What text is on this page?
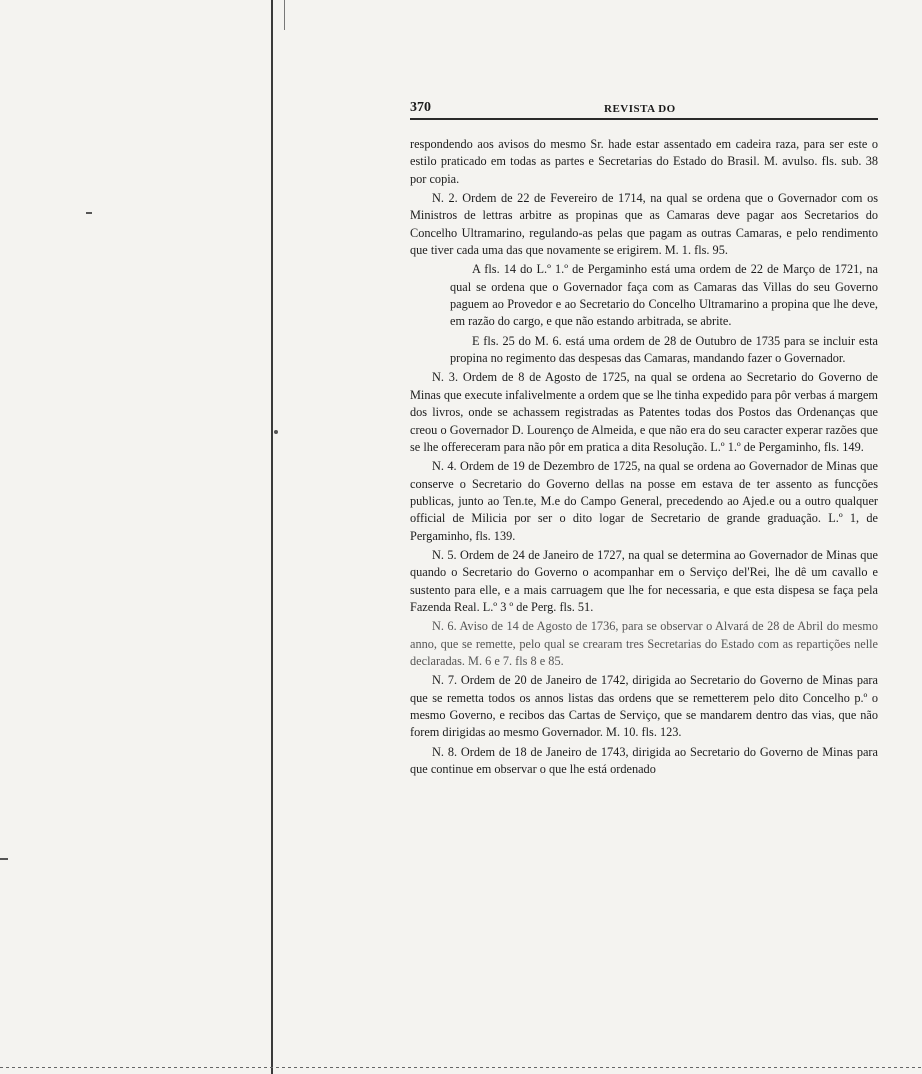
370	REVISTA DO

respondendo aos avisos do mesmo Sr. hade estar assentado em cadeira raza, para ser este o estilo praticado em todas as partes e Secretarias do Estado do Brasil. M. avulso. fls. sub. 38 por copia.

N. 2. Ordem de 22 de Fevereiro de 1714, na qual se ordena que o Governador com os Ministros de lettras arbitre as propinas que as Camaras deve pagar aos Secretarios do Concelho Ultramarino, regulando-as pelas que pagam as outras Camaras, e pelo rendimento que tiver cada uma das que novamente se erigirem. M. 1. fls. 95.

A fls. 14 do L.º 1.º de Pergaminho está uma ordem de 22 de Março de 1721, na qual se ordena que o Governador faça com as Camaras das Villas do seu Governo paguem ao Provedor e ao Secretario do Concelho Ultramarino a propina que lhe deve, em razão do cargo, e que não estando arbitrada, se abrite.

E fls. 25 do M. 6. está uma ordem de 28 de Outubro de 1735 para se incluir esta propina no regimento das despesas das Camaras, mandando fazer o Governador.

N. 3. Ordem de 8 de Agosto de 1725, na qual se ordena ao Secretario do Governo de Minas que execute infalivelmente a ordem que se lhe tinha expedido para pôr verbas á margem dos livros, onde se achassem registradas as Patentes todas dos Postos das Ordenanças que creou o Governador D. Lourenço de Almeida, e que não era do seu caracter experar razões que se lhe offereceram para não pôr em pratica a dita Resolução. L.º 1.º de Pergaminho, fls. 149.

N. 4. Ordem de 19 de Dezembro de 1725, na qual se ordena ao Governador de Minas que conserve o Secretario do Governo dellas na posse em estava de ter assento as funcções publicas, junto ao Ten.te, M.e do Campo General, precedendo ao Ajed.e ou a outro qualquer official de Milicia por ser o dito logar de Secretario de grande graduação. L.º 1, de Pergaminho, fls. 139.

N. 5. Ordem de 24 de Janeiro de 1727, na qual se determina ao Governador de Minas que quando o Secretario do Governo o acompanhar em o Serviço del'Rei, lhe dê um cavallo e sustento para elle, e a mais carruagem que lhe for necessaria, e que esta dispesa se faça pela Fazenda Real. L.º 3 º de Perg. fls. 51.

N. 6. Aviso de 14 de Agosto de 1736, para se observar o Alvará de 28 de Abril do mesmo anno, que se remette, pelo qual se crearam tres Secretarias do Estado com as repartições nelle declaradas. M. 6 e 7. fls 8 e 85.

N. 7. Ordem de 20 de Janeiro de 1742, dirigida ao Secretario do Governo de Minas para que se remetta todos os annos listas das ordens que se remetterem pelo dito Concelho p.º o mesmo Governo, e recibos das Cartas de Serviço, que se mandarem dentro das vias, que não forem dirigidas ao mesmo Governador. M. 10. fls. 123.

N. 8. Ordem de 18 de Janeiro de 1743, dirigida ao Secretario do Governo de Minas para que continue em observar o que lhe está ordenado
